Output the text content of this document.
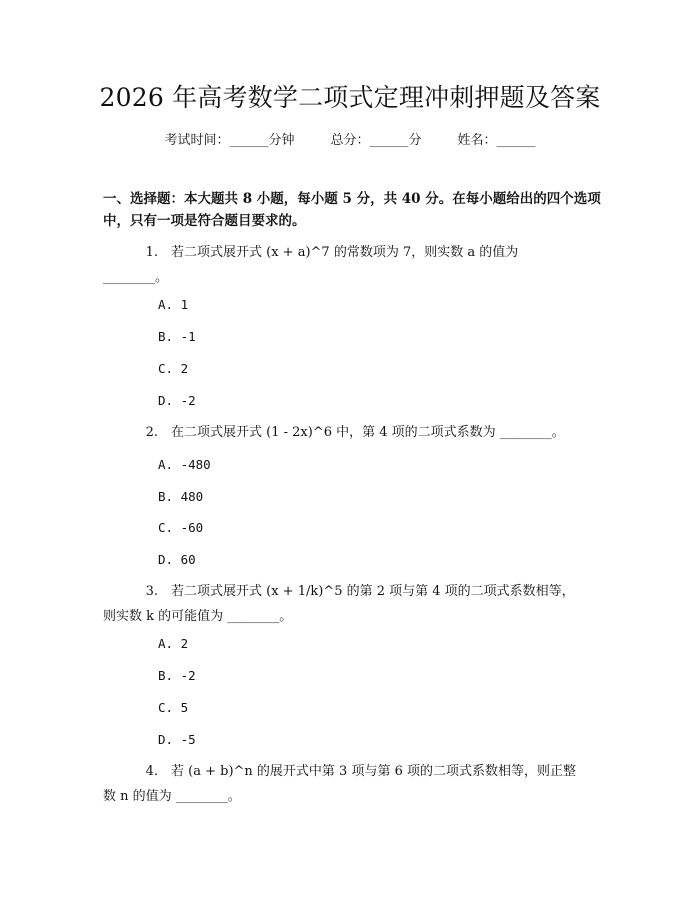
2026 年高考数学二项式定理冲刺押题及答案
考试时间：______分钟	总分：______分	姓名：______
一、选择题：本大题共 8 小题，每小题 5 分，共 40 分。在每小题给出的四个选项中，只有一项是符合题目要求的。
1.　 若二项式展开式 (x + a)^7 的常数项为 7，则实数 a 的值为
________。
A. 1
B. -1
C. 2
D. -2
2.　 在二项式展开式 (1 - 2x)^6 中，第 4 项的二项式系数为 ________。
A. -480
B. 480
C. -60
D. 60
3.　 若二项式展开式 (x + 1/k)^5 的第 2 项与第 4 项的二项式系数相等，
则实数 k 的可能值为 ________。
A. 2
B. -2
C. 5
D. -5
4.　 若 (a + b)^n 的展开式中第 3 项与第 6 项的二项式系数相等，则正整
数 n 的值为 ________。
